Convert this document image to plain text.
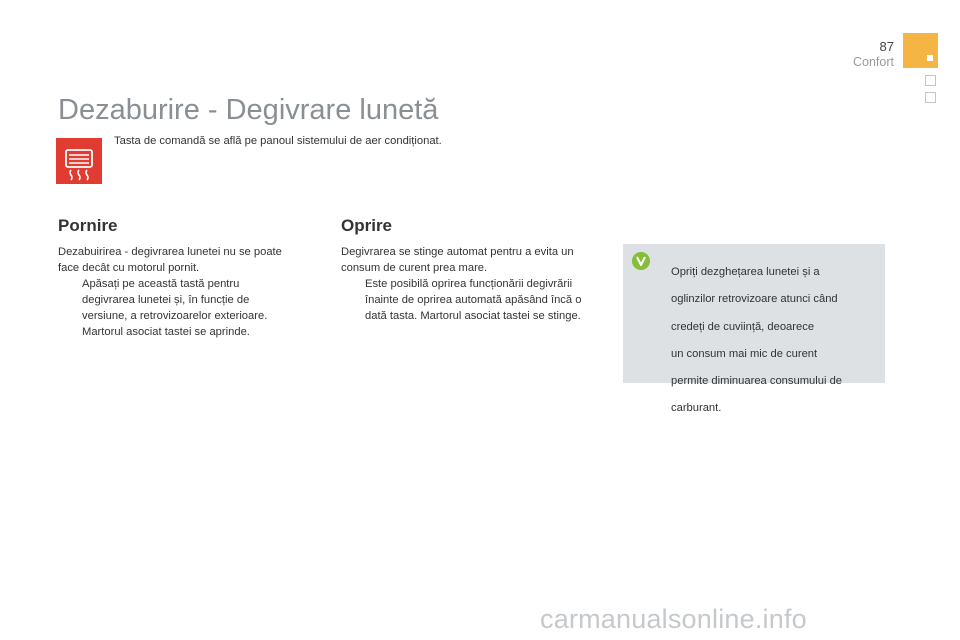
87
Confort
Dezaburire - Degivrare lunetă
Tasta de comandă se află pe panoul sistemului de aer condiționat.
Pornire

Dezabuirirea - degivrarea lunetei nu se poate

face decât cu motorul pornit.

Apăsați pe această tastă pentru

degivrarea lunetei și, în funcție de

versiune, a retrovizoarelor exterioare.

Martorul asociat tastei se aprinde.

Oprire

Degivrarea se stinge automat pentru a evita un

consum de curent prea mare.

Este posibilă oprirea funcționării degivrării

înainte de oprirea automată apăsând încă o

dată tasta. Martorul asociat tastei se stinge.

Opriți dezghețarea lunetei și a

oglinzilor retrovizoare atunci când

credeți de cuviință, deoarece

un consum mai mic de curent

permite diminuarea consumului de

carburant.

carmanualsonline.info
